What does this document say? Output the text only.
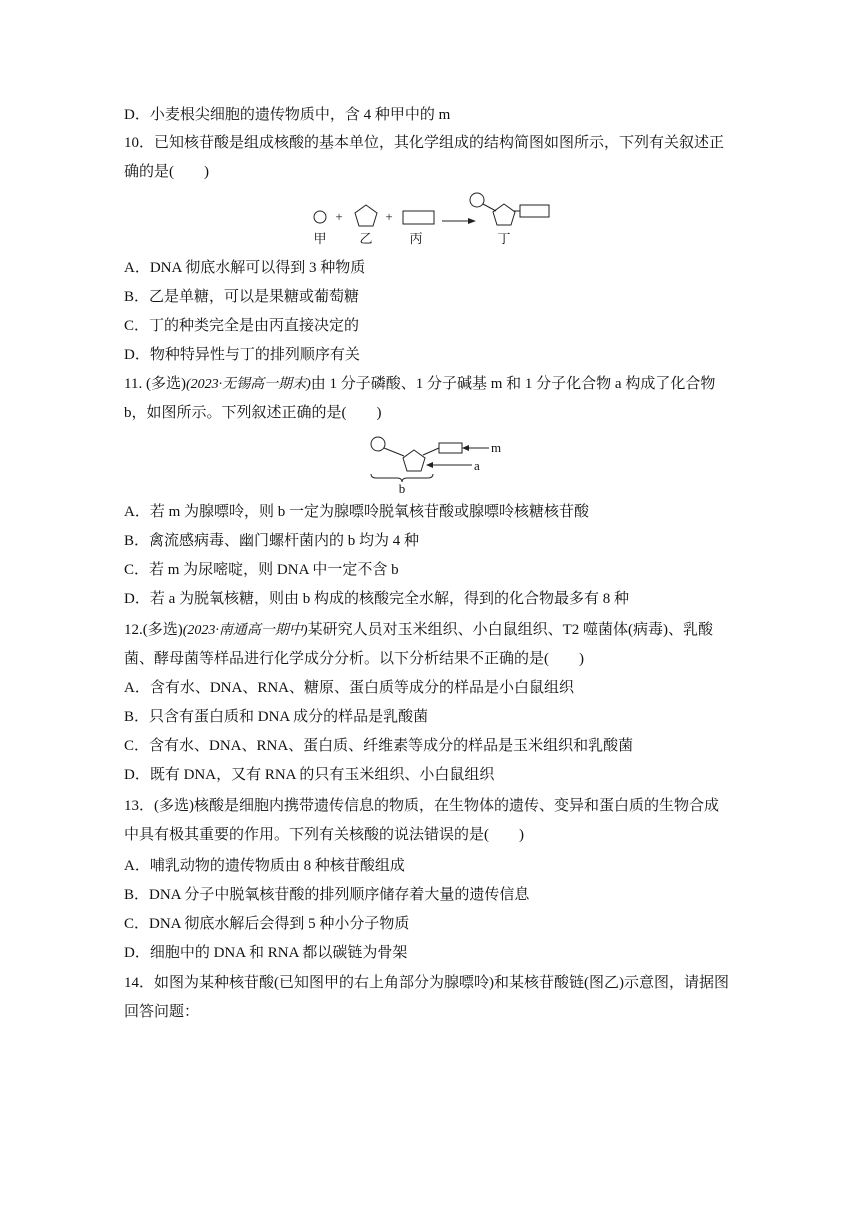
D．小麦根尖细胞的遗传物质中，含 4 种甲中的 m
10．已知核苷酸是组成核酸的基本单位，其化学组成的结构简图如图所示，下列有关叙述正
确的是(　　)
+	+
甲	乙	丙	丁
A．DNA 彻底水解可以得到 3 种物质
B．乙是单糖，可以是果糖或葡萄糖
C．丁的种类完全是由丙直接决定的
D．物种特异性与丁的排列顺序有关
11. (多选)(2023·无锡高一期末)由 1 分子磷酸、1 分子碱基 m 和 1 分子化合物 a 构成了化合物
b，如图所示。下列叙述正确的是(　　)
m
a
b
A．若 m 为腺嘌呤，则 b 一定为腺嘌呤脱氧核苷酸或腺嘌呤核糖核苷酸
B．禽流感病毒、幽门螺杆菌内的 b 均为 4 种
C．若 m 为尿嘧啶，则 DNA 中一定不含 b
D．若 a 为脱氧核糖，则由 b 构成的核酸完全水解，得到的化合物最多有 8 种
12.(多选)(2023·南通高一期中)某研究人员对玉米组织、小白鼠组织、T2 噬菌体(病毒)、乳酸
菌、酵母菌等样品进行化学成分分析。以下分析结果不正确的是(　　)
A．含有水、DNA、RNA、糖原、蛋白质等成分的样品是小白鼠组织
B．只含有蛋白质和 DNA 成分的样品是乳酸菌
C．含有水、DNA、RNA、蛋白质、纤维素等成分的样品是玉米组织和乳酸菌
D．既有 DNA，又有 RNA 的只有玉米组织、小白鼠组织
13．(多选)核酸是细胞内携带遗传信息的物质，在生物体的遗传、变异和蛋白质的生物合成
中具有极其重要的作用。下列有关核酸的说法错误的是(　　)
A．哺乳动物的遗传物质由 8 种核苷酸组成
B．DNA 分子中脱氧核苷酸的排列顺序储存着大量的遗传信息
C．DNA 彻底水解后会得到 5 种小分子物质
D．细胞中的 DNA 和 RNA 都以碳链为骨架
14．如图为某种核苷酸(已知图甲的右上角部分为腺嘌呤)和某核苷酸链(图乙)示意图，请据图
回答问题：
